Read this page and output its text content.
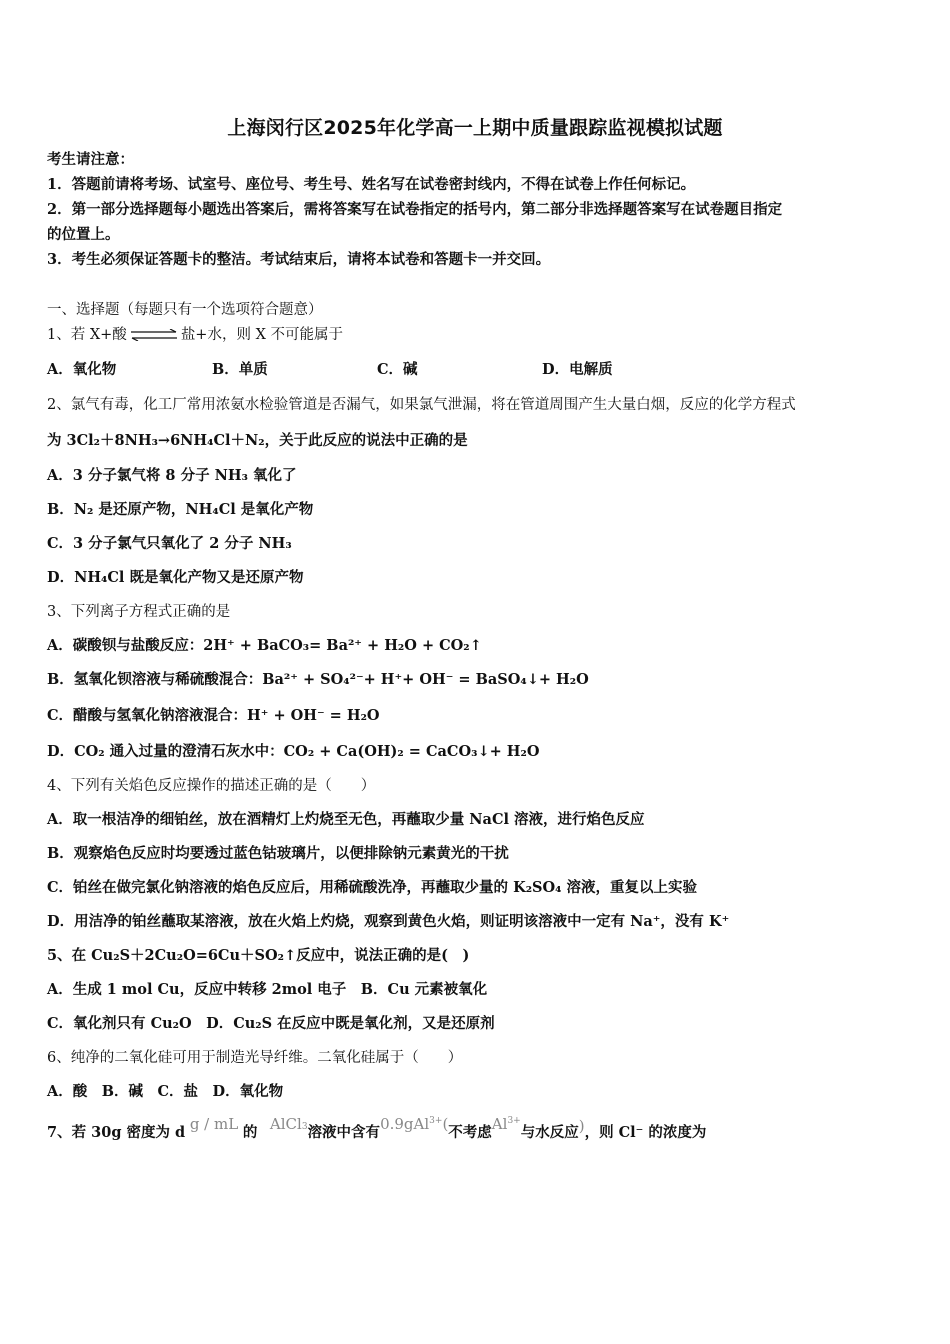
上海闵行区2025年化学高一上期中质量跟踪监视模拟试题
考生请注意：
1．答题前请将考场、试室号、座位号、考生号、姓名写在试卷密封线内，不得在试卷上作任何标记。
2．第一部分选择题每小题选出答案后，需将答案写在试卷指定的括号内，第二部分非选择题答案写在试卷题目指定
的位置上。
3．考生必须保证答题卡的整洁。考试结束后，请将本试卷和答题卡一并交回。
一、选择题（每题只有一个选项符合题意）
1、若 X+酸 ⇌ 盐+水，则 X 不可能属于
A．氧化物	B．单质	C．碱	D．电解质
2、氯气有毒，化工厂常用浓氨水检验管道是否漏气，如果氯气泄漏，将在管道周围产生大量白烟，反应的化学方程式
为 3Cl₂＋8NH₃→6NH₄Cl＋N₂，关于此反应的说法中正确的是
A．3 分子氯气将 8 分子 NH₃ 氧化了
B．N₂ 是还原产物，NH₄Cl 是氧化产物
C．3 分子氯气只氧化了 2 分子 NH₃
D．NH₄Cl 既是氧化产物又是还原产物
3、下列离子方程式正确的是
A．碳酸钡与盐酸反应：2H⁺ + BaCO₃= Ba²⁺ + H₂O + CO₂↑
B．氢氧化钡溶液与稀硫酸混合：Ba²⁺ + SO₄²⁻+ H⁺+ OH⁻ = BaSO₄↓+ H₂O
C．醋酸与氢氧化钠溶液混合：H⁺ + OH⁻ = H₂O
D．CO₂ 通入过量的澄清石灰水中：CO₂ + Ca(OH)₂ = CaCO₃↓+ H₂O
4、下列有关焰色反应操作的描述正确的是（　　）
A．取一根洁净的细铂丝，放在酒精灯上灼烧至无色，再蘸取少量 NaCl 溶液，进行焰色反应
B．观察焰色反应时均要透过蓝色钴玻璃片，以便排除钠元素黄光的干扰
C．铂丝在做完氯化钠溶液的焰色反应后，用稀硫酸洗净，再蘸取少量的 K₂SO₄ 溶液，重复以上实验
D．用洁净的铂丝蘸取某溶液，放在火焰上灼烧，观察到黄色火焰，则证明该溶液中一定有 Na⁺，没有 K⁺
5、在 Cu₂S＋2Cu₂O=6Cu＋SO₂↑反应中，说法正确的是(　)
A．生成 1 mol Cu，反应中转移 2mol 电子　B．Cu 元素被氧化
C．氧化剂只有 Cu₂O　D．Cu₂S 在反应中既是氧化剂，又是还原剂
6、纯净的二氧化硅可用于制造光导纤维。二氧化硅属于（　　）
A．酸　B．碱　C．盐　D．氧化物
7、若 30g 密度为 d g / mL 的 AlCl3溶液中含有0.9gAl$^{3+}$(不考虑$Al^{3+}$与水反应)，则 Cl⁻ 的浓度为
